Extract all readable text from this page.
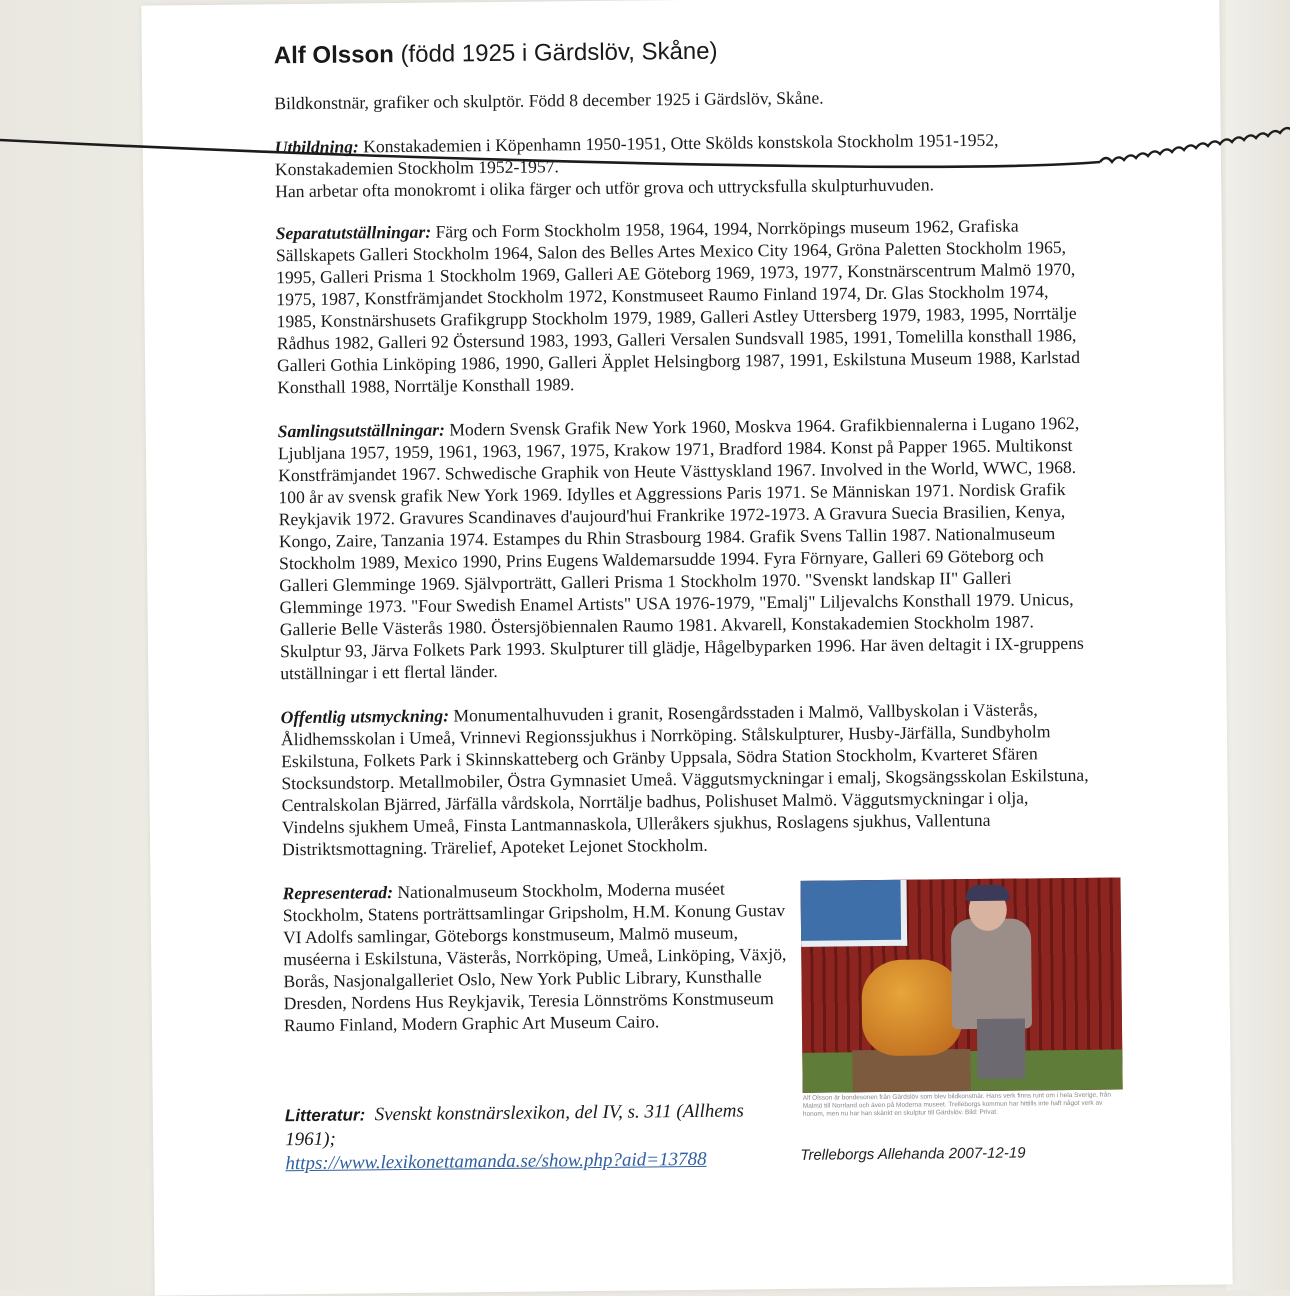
Alf Olsson (född 1925 i Gärdslöv, Skåne)

Bildkonstnär, grafiker och skulptör. Född 8 december 1925 i Gärdslöv, Skåne.

Utbildning: Konstakademien i Köpenhamn 1950-1951, Otte Skölds konstskola Stockholm 1951-1952, Konstakademien Stockholm 1952-1957.

Han arbetar ofta monokromt i olika färger och utför grova och uttrycksfulla skulpturhuvuden.

Separatutställningar: Färg och Form Stockholm 1958, 1964, 1994, Norrköpings museum 1962, Grafiska Sällskapets Galleri Stockholm 1964, Salon des Belles Artes Mexico City 1964, Gröna Paletten Stockholm 1965, 1995, Galleri Prisma 1 Stockholm 1969, Galleri AE Göteborg 1969, 1973, 1977, Konstnärscentrum Malmö 1970, 1975, 1987, Konstfrämjandet Stockholm 1972, Konstmuseet Raumo Finland 1974, Dr. Glas Stockholm 1974, 1985, Konstnärshusets Grafikgrupp Stockholm 1979, 1989, Galleri Astley Uttersberg 1979, 1983, 1995, Norrtälje Rådhus 1982, Galleri 92 Östersund 1983, 1993, Galleri Versalen Sundsvall 1985, 1991, Tomelilla konsthall 1986, Galleri Gothia Linköping 1986, 1990, Galleri Äpplet Helsingborg 1987, 1991, Eskilstuna Museum 1988, Karlstad Konsthall 1988, Norrtälje Konsthall 1989.

Samlingsutställningar: Modern Svensk Grafik New York 1960, Moskva 1964. Grafikbiennalerna i Lugano 1962, Ljubljana 1957, 1959, 1961, 1963, 1967, 1975, Krakow 1971, Bradford 1984. Konst på Papper 1965. Multikonst Konstfrämjandet 1967. Schwedische Graphik von Heute Västtyskland 1967. Involved in the World, WWC, 1968. 100 år av svensk grafik New York 1969. Idylles et Aggressions Paris 1971. Se Människan 1971. Nordisk Grafik Reykjavik 1972. Gravures Scandinaves d'aujourd'hui Frankrike 1972-1973. A Gravura Suecia Brasilien, Kenya, Kongo, Zaire, Tanzania 1974. Estampes du Rhin Strasbourg 1984. Grafik Svens Tallin 1987. Nationalmuseum Stockholm 1989, Mexico 1990, Prins Eugens Waldemarsudde 1994. Fyra Förnyare, Galleri 69 Göteborg och Galleri Glemminge 1969. Självporträtt, Galleri Prisma 1 Stockholm 1970. "Svenskt landskap II" Galleri Glemminge 1973. "Four Swedish Enamel Artists" USA 1976-1979, "Emalj" Liljevalchs Konsthall 1979. Unicus, Gallerie Belle Västerås 1980. Östersjöbiennalen Raumo 1981. Akvarell, Konstakademien Stockholm 1987. Skulptur 93, Järva Folkets Park 1993. Skulpturer till glädje, Hågelbyparken 1996. Har även deltagit i IX-gruppens utställningar i ett flertal länder.

Offentlig utsmyckning: Monumentalhuvuden i granit, Rosengårdsstaden i Malmö, Vallbyskolan i Västerås, Ålidhemsskolan i Umeå, Vrinnevi Regionssjukhus i Norrköping. Stålskulpturer, Husby-Järfälla, Sundbyholm Eskilstuna, Folkets Park i Skinnskatteberg och Gränby Uppsala, Södra Station Stockholm, Kvarteret Sfären Stocksundstorp. Metallmobiler, Östra Gymnasiet Umeå. Väggutsmyckningar i emalj, Skogsängsskolan Eskilstuna, Centralskolan Bjärred, Järfälla vårdskola, Norrtälje badhus, Polishuset Malmö. Väggutsmyckningar i olja, Vindelns sjukhem Umeå, Finsta Lantmannaskola, Ulleråkers sjukhus, Roslagens sjukhus, Vallentuna Distriktsmottagning. Trärelief, Apoteket Lejonet Stockholm.

Representerad: Nationalmuseum Stockholm, Moderna muséet Stockholm, Statens porträttsamlingar Gripsholm, H.M. Konung Gustav VI Adolfs samlingar, Göteborgs konstmuseum, Malmö museum, muséerna i Eskilstuna, Västerås, Norrköping, Umeå, Linköping, Växjö, Borås, Nasjonalgalleriet Oslo, New York Public Library, Kunsthalle Dresden, Nordens Hus Reykjavik, Teresia Lönnströms Konstmuseum Raumo Finland, Modern Graphic Art Museum Cairo.

Alf Olsson är bondesonen från Gärdslöv som blev bildkonstnär. Hans verk finns runt om i hela Sverige, från Malmö till Norrland och även på Moderna museet. Trelleborgs kommun har hittills inte haft något verk av honom, men nu har han skänkt en skulptur till Gärdslöv. Bild: Privat.
Trelleborgs Allehanda 2007-12-19

Litteratur: Svenskt konstnärslexikon, del IV, s. 311 (Allhems 1961);

https://www.lexikonettamanda.se/show.php?aid=13788
